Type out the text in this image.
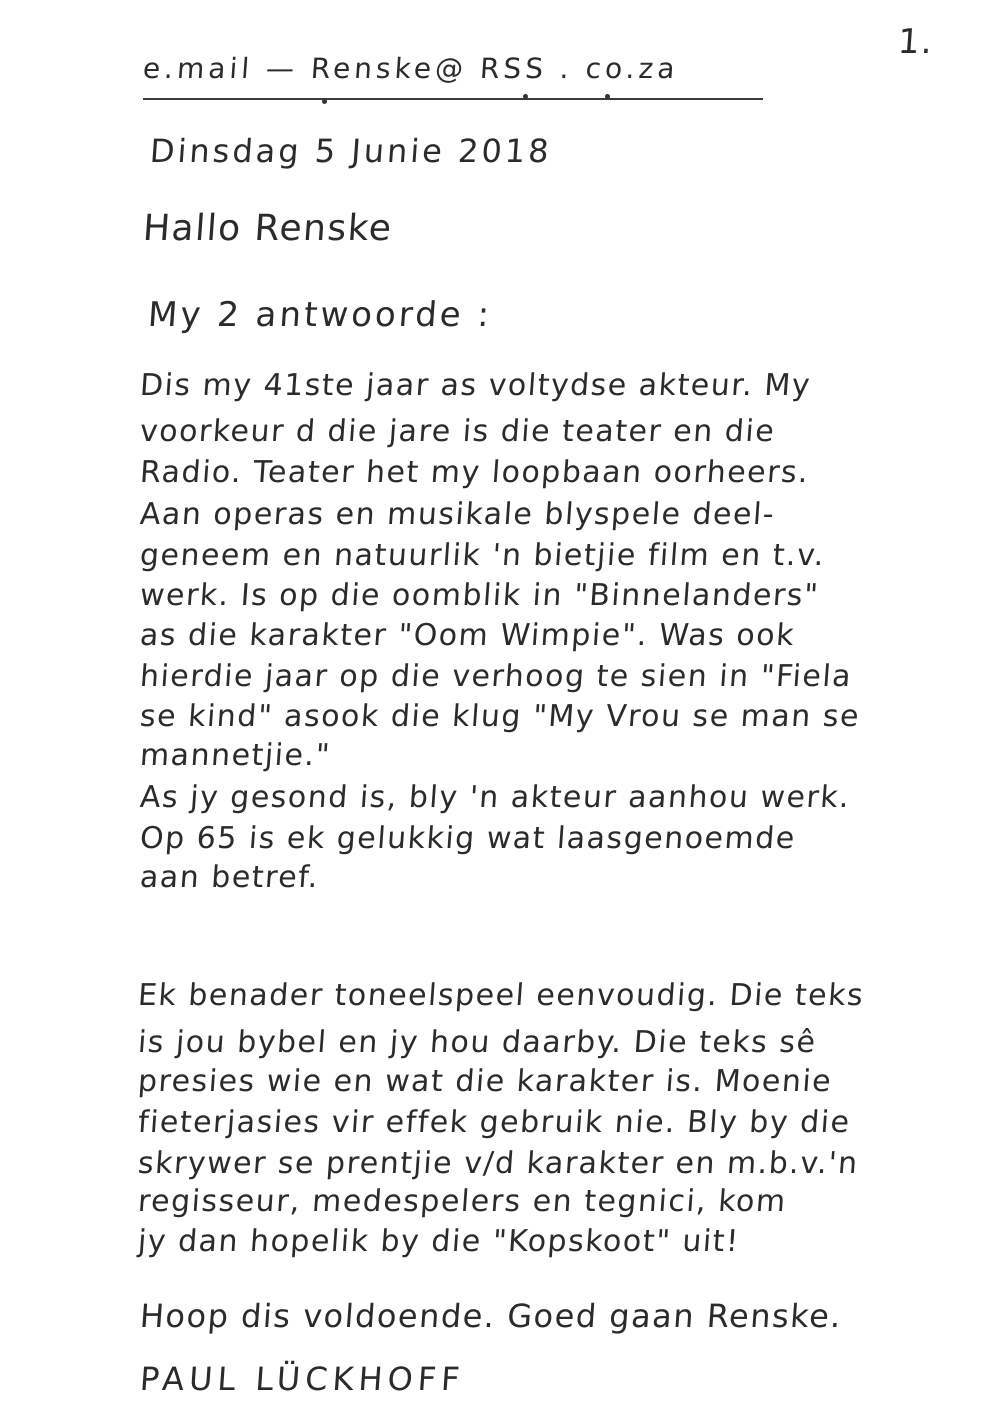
1.
e.mail — Renske@ RSS . co.za
Dinsdag 5 Junie 2018
Hallo Renske
My 2 antwoorde :
Dis my 41ste jaar as voltydse akteur. My
voorkeur d die jare is die teater en die
Radio. Teater het my loopbaan oorheers.
Aan operas en musikale blyspele deel-
geneem en natuurlik 'n bietjie film en t.v.
werk. Is op die oomblik in "Binnelanders"
as die karakter "Oom Wimpie". Was ook
hierdie jaar op die verhoog te sien in "Fiela
se kind" asook die klug "My Vrou se man se
mannetjie."
As jy gesond is, bly 'n akteur aanhou werk.
Op 65 is ek gelukkig wat laasgenoemde
aan betref.
Ek benader toneelspeel eenvoudig. Die teks
is jou bybel en jy hou daarby. Die teks sê
presies wie en wat die karakter is. Moenie
fieterjasies vir effek gebruik nie. Bly by die
skrywer se prentjie v/d karakter en m.b.v.'n
regisseur, medespelers en tegnici, kom
jy dan hopelik by die "Kopskoot" uit!
Hoop dis voldoende. Goed gaan Renske.
PAUL LÜCKHOFF
